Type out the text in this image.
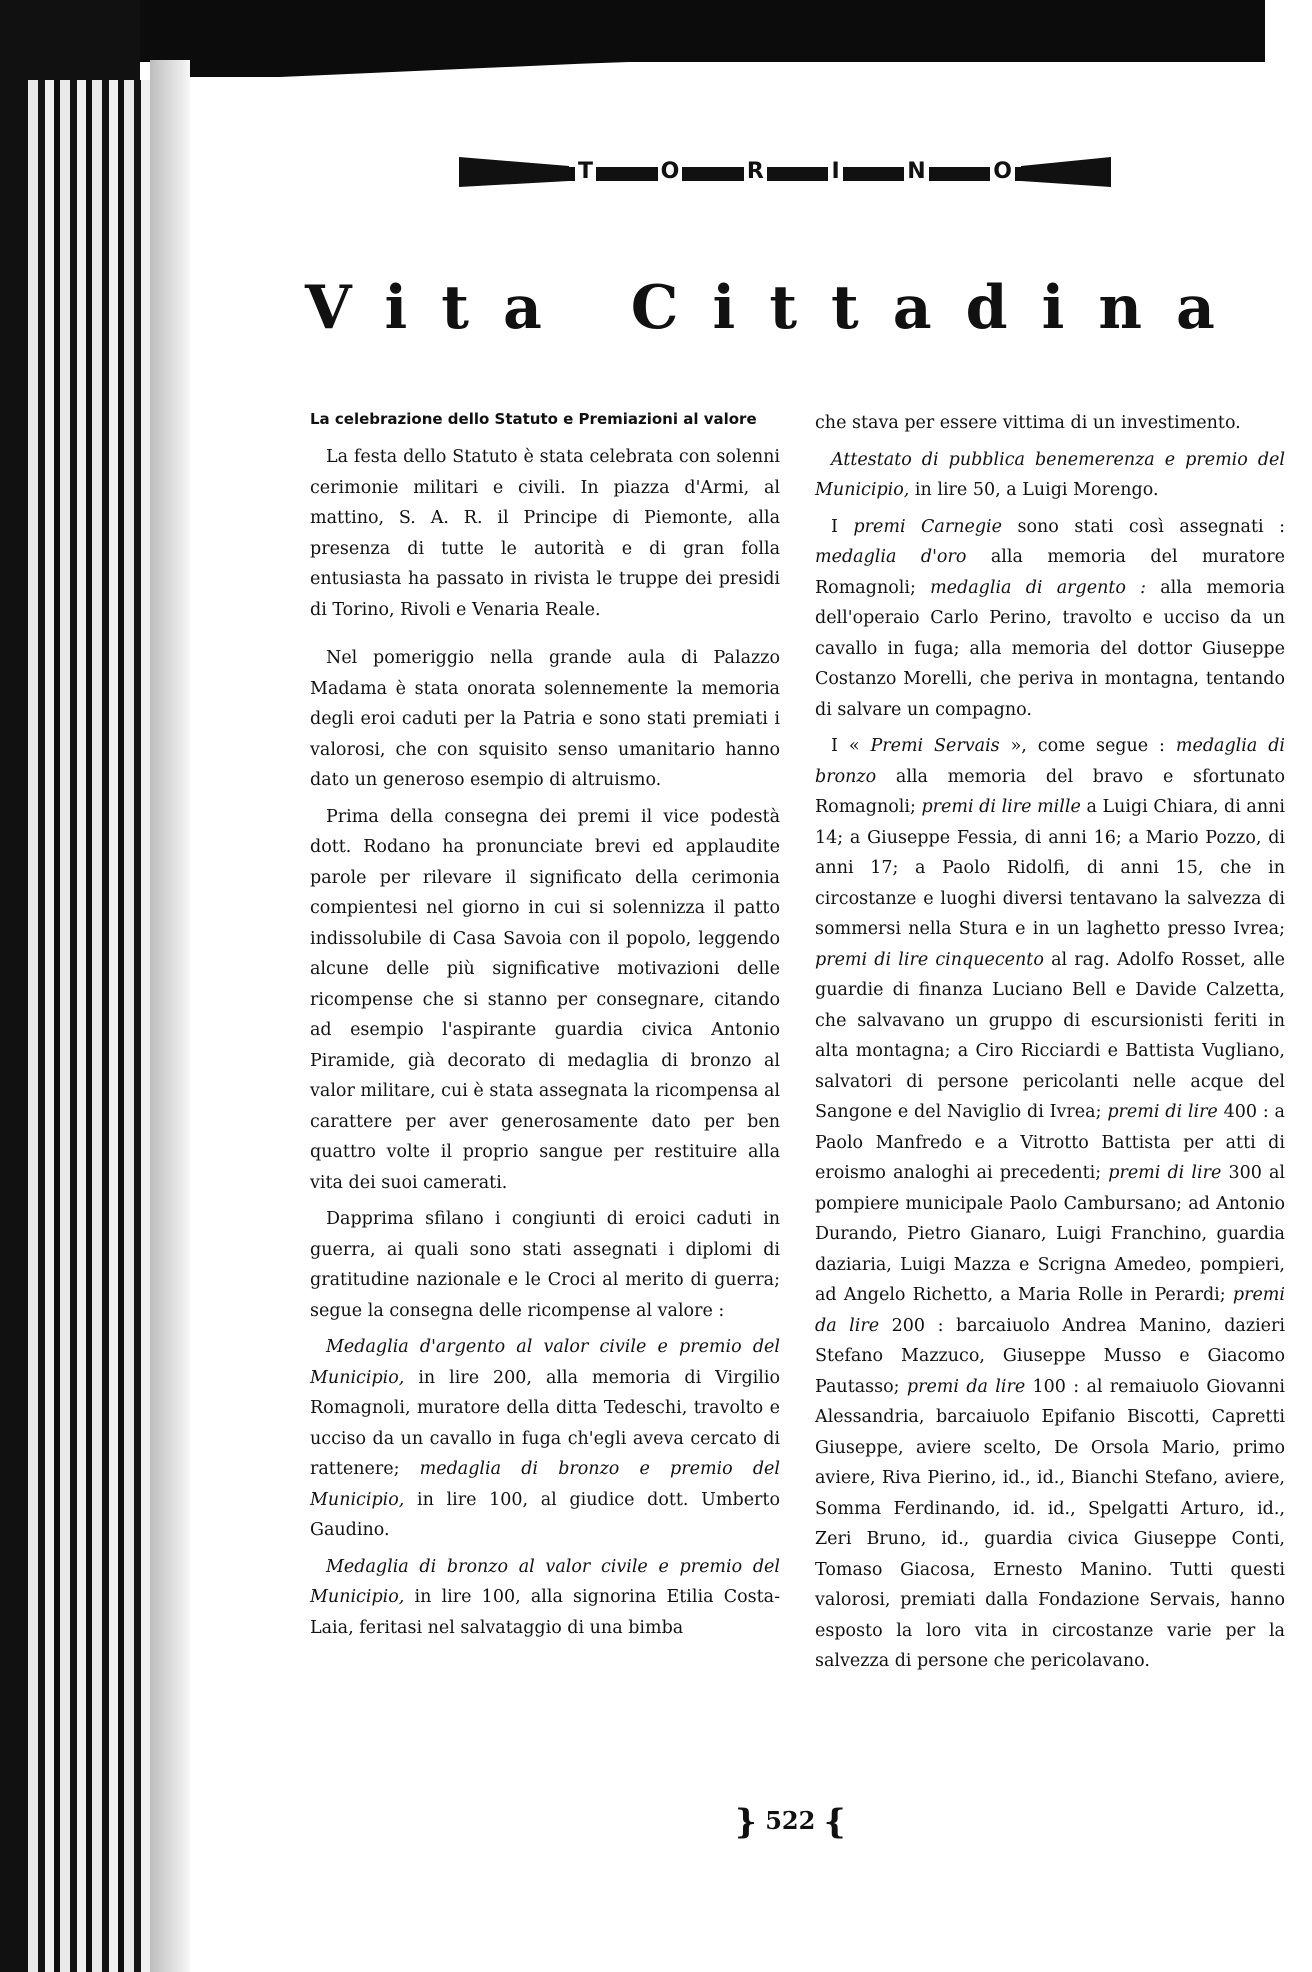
T	O	R	I	N	O
Vita Cittadina
La celebrazione dello Statuto e Premiazioni al valore

La festa dello Statuto è stata celebrata con solenni cerimonie militari e civili. In piazza d'Armi, al mattino, S. A. R. il Principe di Piemonte, alla presenza di tutte le autorità e di gran folla entusiasta ha passato in rivista le truppe dei presidi di Torino, Rivoli e Venaria Reale.

Nel pomeriggio nella grande aula di Palazzo Madama è stata onorata solennemente la memoria degli eroi caduti per la Patria e sono stati premiati i valorosi, che con squisito senso umanitario hanno dato un generoso esempio di altruismo.

Prima della consegna dei premi il vice podestà dott. Rodano ha pronunciate brevi ed applaudite parole per rilevare il significato della cerimonia compientesi nel giorno in cui si solennizza il patto indissolubile di Casa Savoia con il popolo, leggendo alcune delle più significative motivazioni delle ricompense che si stanno per consegnare, citando ad esempio l'aspirante guardia civica Antonio Piramide, già decorato di medaglia di bronzo al valor militare, cui è stata assegnata la ricompensa al carattere per aver generosamente dato per ben quattro volte il proprio sangue per restituire alla vita dei suoi camerati.

Dapprima sfilano i congiunti di eroici caduti in guerra, ai quali sono stati assegnati i diplomi di gratitudine nazionale e le Croci al merito di guerra; segue la consegna delle ricompense al valore :

Medaglia d'argento al valor civile e premio del Municipio, in lire 200, alla memoria di Virgilio Romagnoli, muratore della ditta Tedeschi, travolto e ucciso da un cavallo in fuga ch'egli aveva cercato di rattenere; medaglia di bronzo e premio del Municipio, in lire 100, al giudice dott. Umberto Gaudino.

Medaglia di bronzo al valor civile e premio del Municipio, in lire 100, alla signorina Etilia Costa-Laia, feritasi nel salvataggio di una bimba

che stava per essere vittima di un investimento.

Attestato di pubblica benemerenza e premio del Municipio, in lire 50, a Luigi Morengo.

I premi Carnegie sono stati così assegnati : medaglia d'oro alla memoria del muratore Romagnoli; medaglia di argento : alla memoria dell'operaio Carlo Perino, travolto e ucciso da un cavallo in fuga; alla memoria del dottor Giuseppe Costanzo Morelli, che periva in montagna, tentando di salvare un compagno.

I « Premi Servais », come segue : medaglia di bronzo alla memoria del bravo e sfortunato Romagnoli; premi di lire mille a Luigi Chiara, di anni 14; a Giuseppe Fessia, di anni 16; a Mario Pozzo, di anni 17; a Paolo Ridolfi, di anni 15, che in circostanze e luoghi diversi tentavano la salvezza di sommersi nella Stura e in un laghetto presso Ivrea; premi di lire cinquecento al rag. Adolfo Rosset, alle guardie di finanza Luciano Bell e Davide Calzetta, che salvavano un gruppo di escursionisti feriti in alta montagna; a Ciro Ricciardi e Battista Vugliano, salvatori di persone pericolanti nelle acque del Sangone e del Naviglio di Ivrea; premi di lire 400 : a Paolo Manfredo e a Vitrotto Battista per atti di eroismo analoghi ai precedenti; premi di lire 300 al pompiere municipale Paolo Cambursano; ad Antonio Durando, Pietro Gianaro, Luigi Franchino, guardia daziaria, Luigi Mazza e Scrigna Amedeo, pompieri, ad Angelo Richetto, a Maria Rolle in Perardi; premi da lire 200 : barcaiuolo Andrea Manino, dazieri Stefano Mazzuco, Giuseppe Musso e Giacomo Pautasso; premi da lire 100 : al remaiuolo Giovanni Alessandria, barcaiuolo Epifanio Biscotti, Capretti Giuseppe, aviere scelto, De Orsola Mario, primo aviere, Riva Pierino, id., id., Bianchi Stefano, aviere, Somma Ferdinando, id. id., Spelgatti Arturo, id., Zeri Bruno, id., guardia civica Giuseppe Conti, Tomaso Giacosa, Ernesto Manino. Tutti questi valorosi, premiati dalla Fondazione Servais, hanno esposto la loro vita in circostanze varie per la salvezza di persone che pericolavano.

} 522 {
